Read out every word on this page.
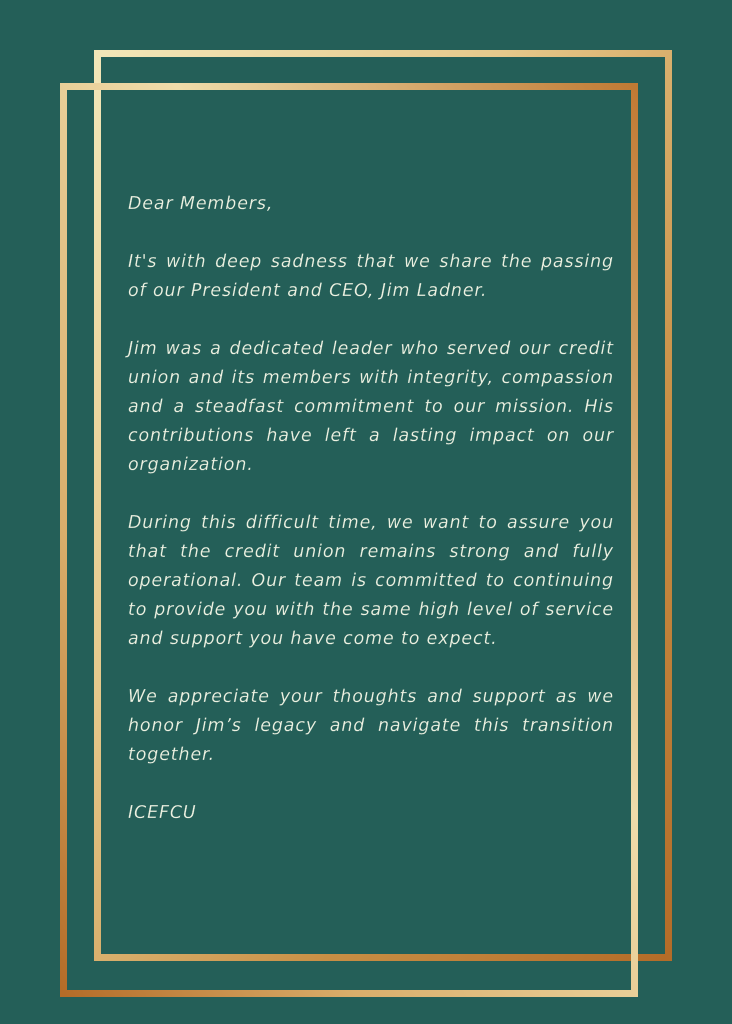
Dear Members,

It's with deep sadness that we share the passing of our President and CEO, Jim Ladner.

Jim was a dedicated leader who served our credit union and its members with integrity, compassion and a steadfast commitment to our mission. His contributions have left a lasting impact on our organization.

During this difficult time, we want to assure you that the credit union remains strong and fully operational. Our team is committed to continuing to provide you with the same high level of service and support you have come to expect.

We appreciate your thoughts and support as we honor Jim’s legacy and navigate this transition together.

ICEFCU
